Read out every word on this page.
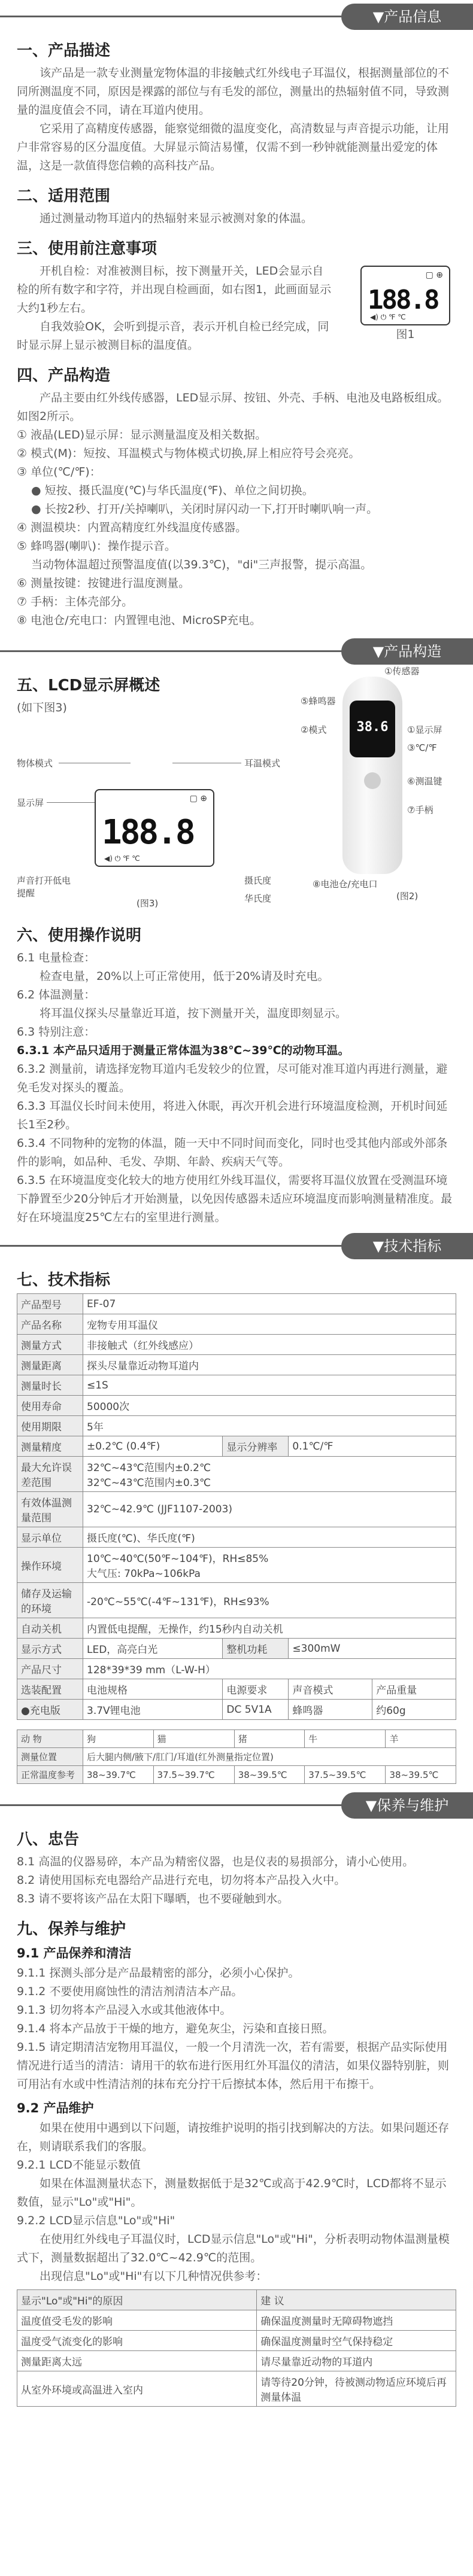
▼产品信息
一、产品描述

该产品是一款专业测量宠物体温的非接触式红外线电子耳温仪，根据测量部位的不同所测温度不同，原因是裸露的部位与有毛发的部位，测量出的热辐射值不同，导致测量的温度值会不同，请在耳道内使用。

它采用了高精度传感器，能察觉细微的温度变化，高清数显与声音提示功能，让用户非常容易的区分温度值。大屏显示简洁易懂，仅需不到一秒钟就能测量出爱宠的体温，这是一款值得您信赖的高科技产品。

二、适用范围

通过测量动物耳道内的热辐射来显示被测对象的体温。

三、使用前注意事项

开机自检：对准被测目标，按下测量开关，LED会显示自检的所有数字和字符，并出现自检画面，如右图1，此画面显示大约1秒左右。

自我效验OK，会听到提示音，表示开机自检已经完成，同时显示屏上显示被测目标的温度值。

▢ ⊕
188.8
◀) ⏻ ℉ ℃
图1
四、产品构造

产品主要由红外线传感器，LED显示屏、按钮、外壳、手柄、电池及电路板组成。如图2所示。

① 液晶(LED)显示屏：显示测量温度及相关数据。
② 模式(M)：短按、耳温模式与物体模式切换,屏上相应符号会亮亮。
③ 单位(℃/℉)：
● 短按、摄氏温度(℃)与华氏温度(℉)、单位之间切换。
● 长按2秒、打开/关掉喇叭，关闭时屏闪动一下,打开时喇叭响一声。
④ 测温模块：内置高精度红外线温度传感器。
⑤ 蜂鸣器(喇叭)：操作提示音。
当动物体温超过预警温度值(以39.3℃)，"di"三声报警，提示高温。
⑥ 测量按键：按键进行温度测量。
⑦ 手柄：主体壳部分。
⑧ 电池仓/充电口：内置锂电池、MicroSP充电。
▼产品构造
五、LCD显示屏概述
(如下图3)
▢ ⊕
188.8
◀) ⏻ ℉ ℃
物体模式
显示屏
声音打开低电提醒
耳温模式
摄氏度
华氏度
(图3)
38.6
①传感器
⑤蜂鸣器
②模式	①显示屏
③℃/℉
⑥测温键
⑦手柄
⑧电池仓/充电口
(图2)
六、使用操作说明
6.1 电量检查：

检查电量，20%以上可正常使用，低于20%请及时充电。

6.2 体温测量：

将耳温仪探头尽量靠近耳道，按下测量开关，温度即刻显示。

6.3 特别注意：
6.3.1 本产品只适用于测量正常体温为38℃~39℃的动物耳温。

6.3.2 测量前，请选择宠物耳道内毛发较少的位置，尽可能对准耳道内再进行测量，避免毛发对探头的覆盖。

6.3.3 耳温仪长时间未使用，将进入休眠，再次开机会进行环境温度检测，开机时间延长1至2秒。

6.3.4 不同物种的宠物的体温，随一天中不同时间而变化，同时也受其他内部或外部条件的影响，如品种、毛发、孕期、年龄、疾病天气等。

6.3.5 在环境温度变化较大的地方使用红外线耳温仪，需要将耳温仪放置在受测温环境下静置至少20分钟后才开始测量，以免因传感器未适应环境温度而影响测量精准度。最好在环境温度25℃左右的室里进行测量。

▼技术指标
七、技术指标
产品型号	EF-07			
产品名称	宠物专用耳温仪			
测量方式	非接触式（红外线感应）			
测量距离	探头尽量靠近动物耳道内			
测量时长	≤1S			
使用寿命	50000次			
使用期限	5年			
测量精度	±0.2℃ (0.4℉)	显示分辨率	0.1℃/℉	
最大允许误差范围	32℃~43℃范围内±0.2℃
32℃~43℃范围内±0.3℃			
有效体温测量范围	32℃~42.9℃ (JJF1107-2003)			
显示单位	摄氏度(℃)、华氏度(℉)			
操作环境	10℃~40℃(50℉~104℉)，RH≤85%
大气压: 70kPa~106kPa			
储存及运输的环境	-20℃~55℃(-4℉~131℉)，RH≤93%			
自动关机	内置低电提醒，无操作，约15秒内自动关机			
显示方式	LED，高亮白光	整机功耗	≤300mW	
产品尺寸	128*39*39 mm（L-W-H）			
选装配置	电池规格	电源要求	声音模式	产品重量
●充电版	3.7V锂电池	DC 5V1A	蜂鸣器	约60g
动 物	狗	猫	猪	牛	羊
测量位置	后大腿内侧/腋下/肛门/耳道(红外测量指定位置)				
正常温度参考	38~39.7℃	37.5~39.7℃	38~39.5℃	37.5~39.5℃	38~39.5℃
▼保养与维护
八、忠告
8.1 高温的仪器易碎，本产品为精密仪器，也是仪表的易损部分，请小心使用。
8.2 请使用国标充电器给产品进行充电，切勿将本产品投入火中。
8.3 请不要将该产品在太阳下曝晒，也不要碰触到水。
九、保养与维护
9.1 产品保养和清洁
9.1.1 探测头部分是产品最精密的部分，必须小心保护。
9.1.2 不要使用腐蚀性的清洁剂清洁本产品。
9.1.3 切勿将本产品浸入水或其他液体中。
9.1.4 将本产品放于干燥的地方，避免灰尘，污染和直接日照。
9.1.5 请定期清洁宠物用耳温仪，一般一个月清洗一次，若有需要，根据产品实际使用情况进行适当的清洁：请用干的软布进行医用红外耳温仪的清洁，如果仪器特别脏，则可用沾有水或中性清洁剂的抹布充分拧干后擦拭本体，然后用干布擦干。
9.2 产品维护

如果在使用中遇到以下问题，请按维护说明的指引找到解决的方法。如果问题还存在，则请联系我们的客服。

9.2.1 LCD不能显示数值

如果在体温测量状态下，测量数据低于是32℃或高于42.9℃时，LCD都将不显示数值，显示"Lo"或"Hi"。

9.2.2 LCD显示信息"Lo"或"Hi"

在使用红外线电子耳温仪时，LCD显示信息"Lo"或"Hi"，分析表明动物体温测量模式下，测量数据超出了32.0℃~42.9℃的范围。

出现信息"Lo"或"Hi"有以下几种情况供参考：

显示"Lo"或"Hi"的原因	建 议
温度值受毛发的影响	确保温度测量时无障碍物遮挡
温度受气流变化的影响	确保温度测量时空气保持稳定
测量距离太远	请尽量靠近动物的耳道内
从室外环境或高温进入室内	请等待20分钟，待被测动物适应环境后再测量体温
